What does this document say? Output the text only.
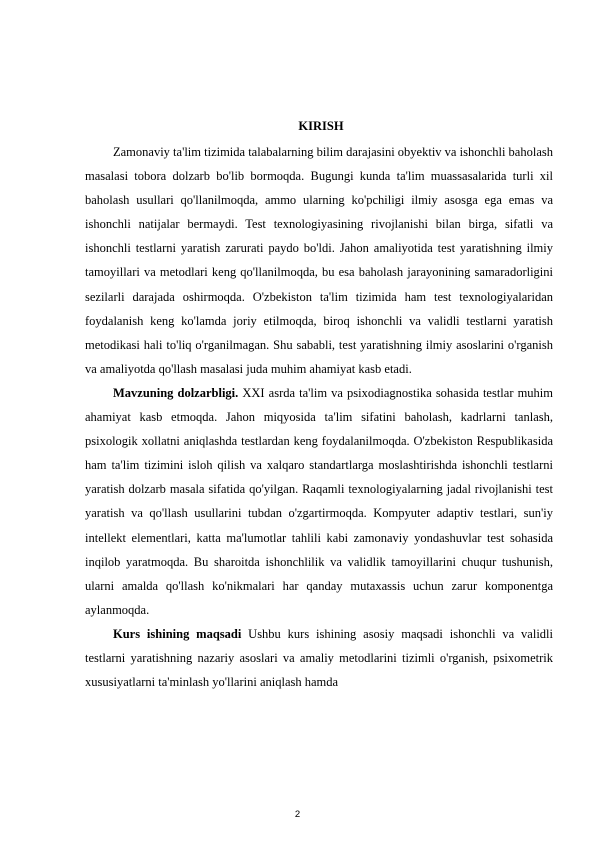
KIRISH

Zamonaviy ta'lim tizimida talabalarning bilim darajasini obyektiv va ishonchli baholash masalasi tobora dolzarb bo'lib bormoqda. Bugungi kunda ta'lim muassasalarida turli xil baholash usullari qo'llanilmoqda, ammo ularning ko'pchiligi ilmiy asosga ega emas va ishonchli natijalar bermaydi. Test texnologiyasining rivojlanishi bilan birga, sifatli va ishonchli testlarni yaratish zarurati paydo bo'ldi. Jahon amaliyotida test yaratishning ilmiy tamoyillari va metodlari keng qo'llanilmoqda, bu esa baholash jarayonining samaradorligini sezilarli darajada oshirmoqda. O'zbekiston ta'lim tizimida ham test texnologiyalaridan foydalanish keng ko'lamda joriy etilmoqda, biroq ishonchli va validli testlarni yaratish metodikasi hali to'liq o'rganilmagan. Shu sababli, test yaratishning ilmiy asoslarini o'rganish va amaliyotda qo'llash masalasi juda muhim ahamiyat kasb etadi.

Mavzuning dolzarbligi. XXI asrda ta'lim va psixodiagnostika sohasida testlar muhim ahamiyat kasb etmoqda. Jahon miqyosida ta'lim sifatini baholash, kadrlarni tanlash, psixologik xollatni aniqlashda testlardan keng foydalanilmoqda. O'zbekiston Respublikasida ham ta'lim tizimini isloh qilish va xalqaro standartlarga moslashtirishda ishonchli testlarni yaratish dolzarb masala sifatida qo'yilgan. Raqamli texnologiyalarning jadal rivojlanishi test yaratish va qo'llash usullarini tubdan o'zgartirmoqda. Kompyuter adaptiv testlari, sun'iy intellekt elementlari, katta ma'lumotlar tahlili kabi zamonaviy yondashuvlar test sohasida inqilob yaratmoqda. Bu sharoitda ishonchlilik va validlik tamoyillarini chuqur tushunish, ularni amalda qo'llash ko'nikmalari har qanday mutaxassis uchun zarur komponentga aylanmoqda.

Kurs ishining maqsadi Ushbu kurs ishining asosiy maqsadi ishonchli va validli testlarni yaratishning nazariy asoslari va amaliy metodlarini tizimli o'rganish, psixometrik xususiyatlarni ta'minlash yo'llarini aniqlash hamda

2
